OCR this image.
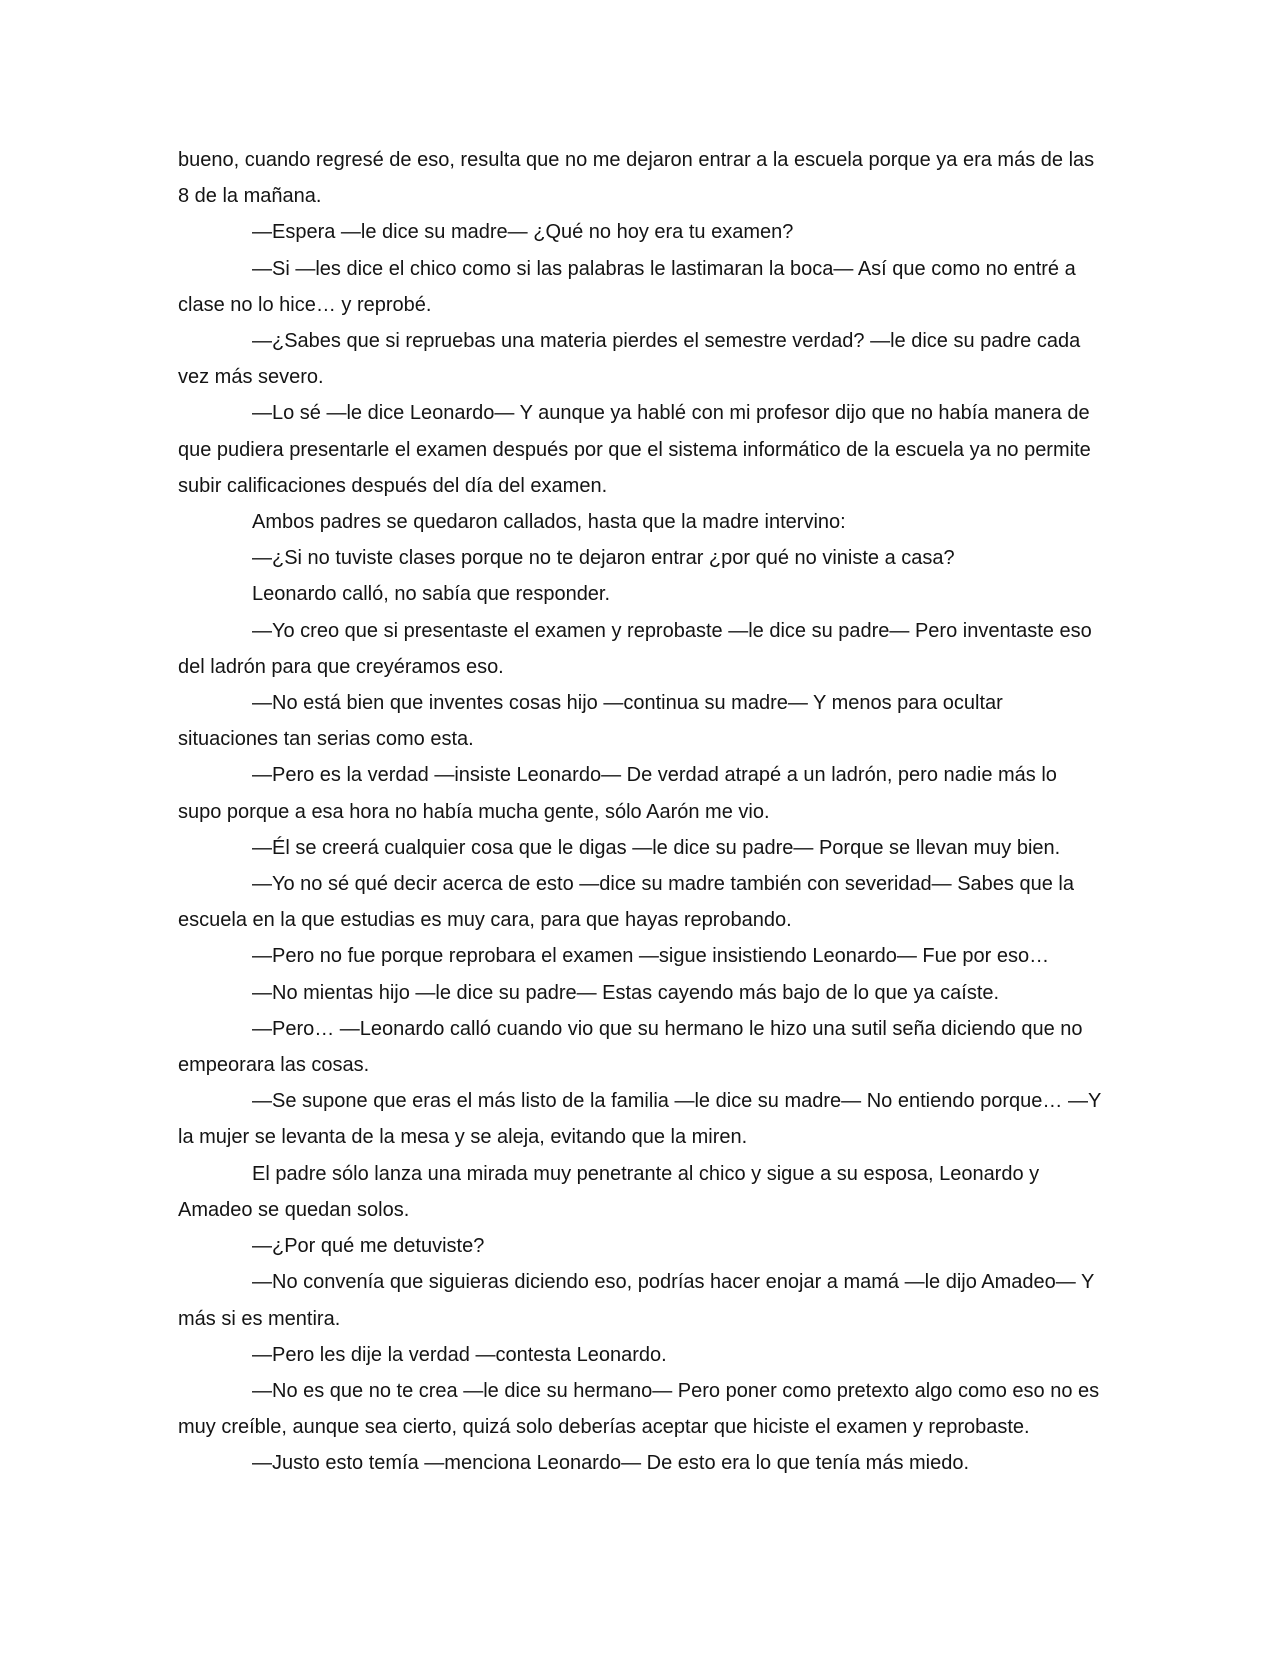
bueno, cuando regresé de eso, resulta que no me dejaron entrar a la escuela porque ya era más de las 8 de la mañana.

―Espera ―le dice su madre― ¿Qué no hoy era tu examen?

―Si ―les dice el chico como si las palabras le lastimaran la boca― Así que como no entré a clase no lo hice… y reprobé.

―¿Sabes que si repruebas una materia pierdes el semestre verdad? ―le dice su padre cada vez más severo.

―Lo sé ―le dice Leonardo― Y aunque ya hablé con mi profesor dijo que no había manera de que pudiera presentarle el examen después por que el sistema informático de la escuela ya no permite subir calificaciones después del día del examen.

Ambos padres se quedaron callados, hasta que la madre intervino:

―¿Si no tuviste clases porque no te dejaron entrar ¿por qué no viniste a casa?

Leonardo calló, no sabía que responder.

―Yo creo que si presentaste el examen y reprobaste ―le dice su padre― Pero inventaste eso del ladrón para que creyéramos eso.

―No está bien que inventes cosas hijo ―continua su madre― Y menos para ocultar situaciones tan serias como esta.

―Pero es la verdad ―insiste Leonardo― De verdad atrapé a un ladrón, pero nadie más lo supo porque a esa hora no había mucha gente, sólo Aarón me vio.

―Él se creerá cualquier cosa que le digas ―le dice su padre― Porque se llevan muy bien.

―Yo no sé qué decir acerca de esto ―dice su madre también con severidad― Sabes que la escuela en la que estudias es muy cara, para que hayas reprobando.

―Pero no fue porque reprobara el examen ―sigue insistiendo Leonardo― Fue por eso…

―No mientas hijo ―le dice su padre― Estas cayendo más bajo de lo que ya caíste.

―Pero… ―Leonardo calló cuando vio que su hermano le hizo una sutil seña diciendo que no empeorara las cosas.

―Se supone que eras el más listo de la familia ―le dice su madre― No entiendo porque… ―Y la mujer se levanta de la mesa y se aleja, evitando que la miren.

El padre sólo lanza una mirada muy penetrante al chico y sigue a su esposa, Leonardo y Amadeo se quedan solos.

―¿Por qué me detuviste?

―No convenía que siguieras diciendo eso, podrías hacer enojar a mamá ―le dijo Amadeo― Y más si es mentira.

―Pero les dije la verdad ―contesta Leonardo.

―No es que no te crea ―le dice su hermano― Pero poner como pretexto algo como eso no es muy creíble, aunque sea cierto, quizá solo deberías aceptar que hiciste el examen y reprobaste.

―Justo esto temía ―menciona Leonardo― De esto era lo que tenía más miedo.
